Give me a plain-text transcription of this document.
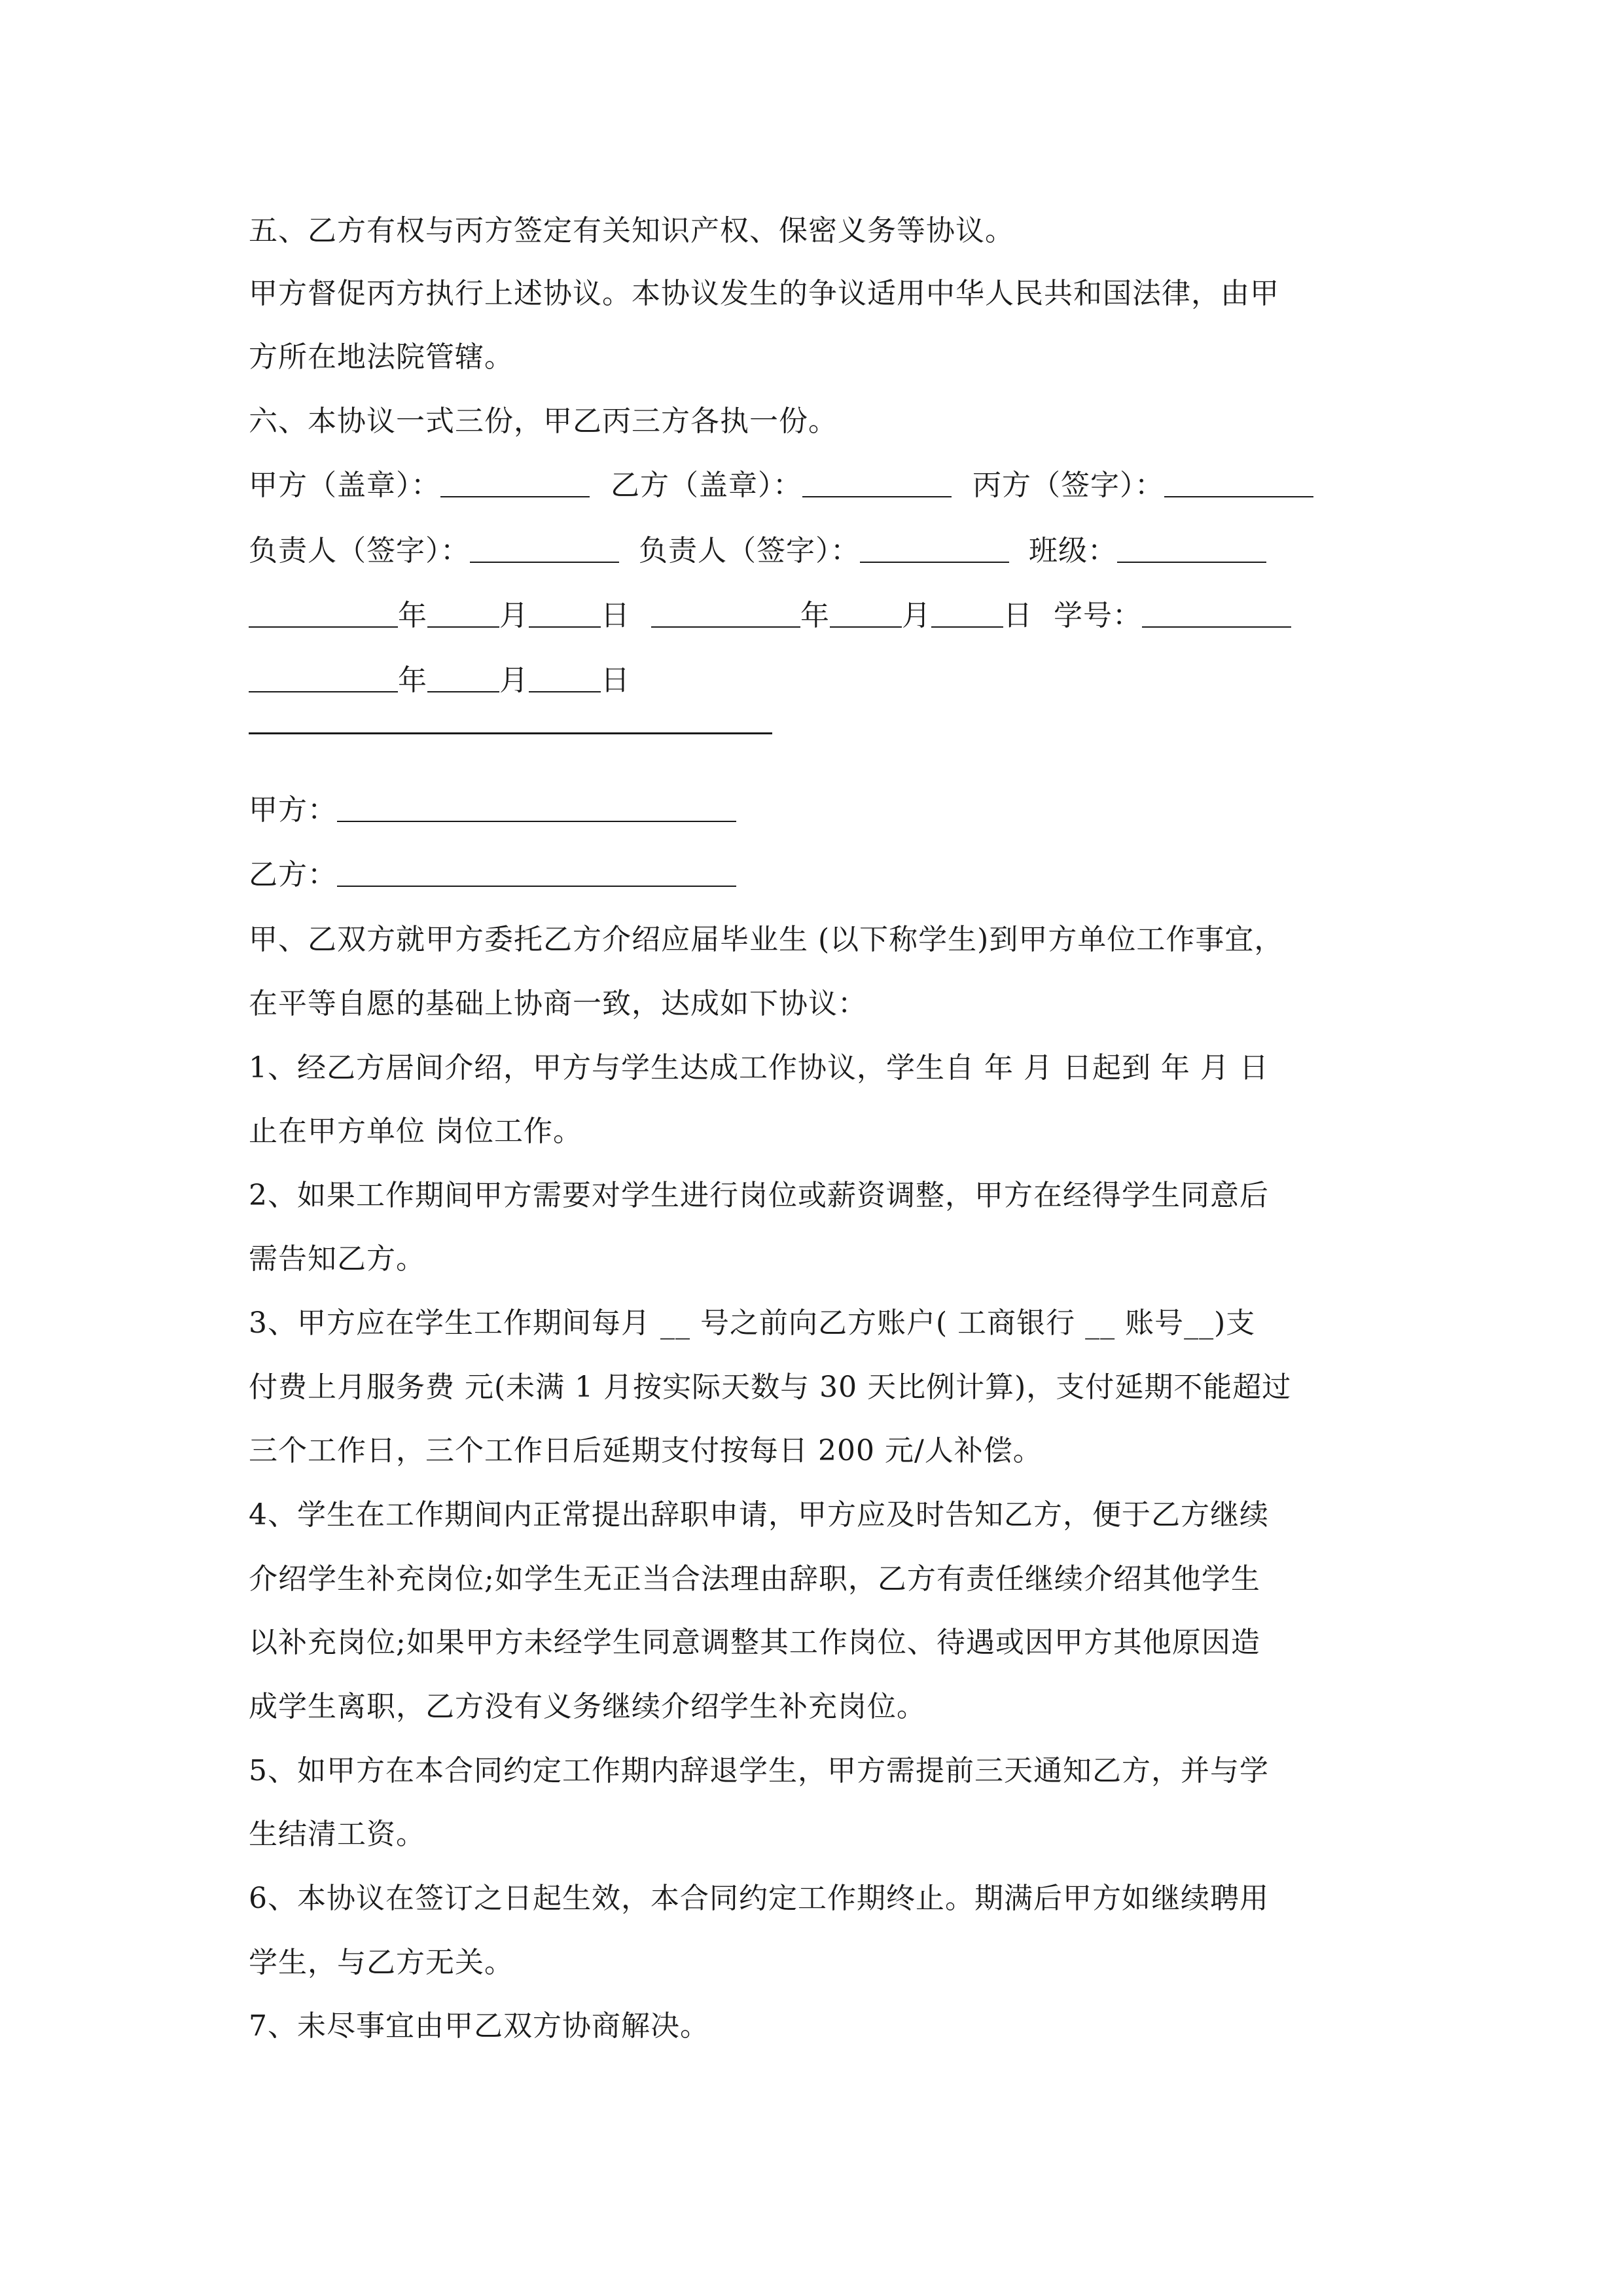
五、乙方有权与丙方签定有关知识产权、保密义务等协议。
甲方督促丙方执行上述协议。本协议发生的争议适用中华人民共和国法律，由甲
方所在地法院管辖。
六、本协议一式三份，甲乙丙三方各执一份。
甲方（盖章）：	乙方（盖章）：	丙方（签字）：
负责人（签字）：	负责人（签字）：	班级：
年	月	日	年	月	日 学号：
年	月	日
甲方：
乙方：
甲、乙双方就甲方委托乙方介绍应届毕业生 (以下称学生)到甲方单位工作事宜，
在平等自愿的基础上协商一致，达成如下协议：
1、经乙方居间介绍，甲方与学生达成工作协议，学生自 年 月 日起到 年 月 日
止在甲方单位 岗位工作。
2、如果工作期间甲方需要对学生进行岗位或薪资调整，甲方在经得学生同意后
需告知乙方。
3、甲方应在学生工作期间每月 __ 号之前向乙方账户( 工商银行 __ 账号__)支
付费上月服务费 元(未满 1 月按实际天数与 30 天比例计算)，支付延期不能超过
三个工作日，三个工作日后延期支付按每日 200 元/人补偿。
4、学生在工作期间内正常提出辞职申请，甲方应及时告知乙方，便于乙方继续
介绍学生补充岗位;如学生无正当合法理由辞职，乙方有责任继续介绍其他学生
以补充岗位;如果甲方未经学生同意调整其工作岗位、待遇或因甲方其他原因造
成学生离职，乙方没有义务继续介绍学生补充岗位。
5、如甲方在本合同约定工作期内辞退学生，甲方需提前三天通知乙方，并与学
生结清工资。
6、本协议在签订之日起生效，本合同约定工作期终止。期满后甲方如继续聘用
学生，与乙方无关。
7、未尽事宜由甲乙双方协商解决。
